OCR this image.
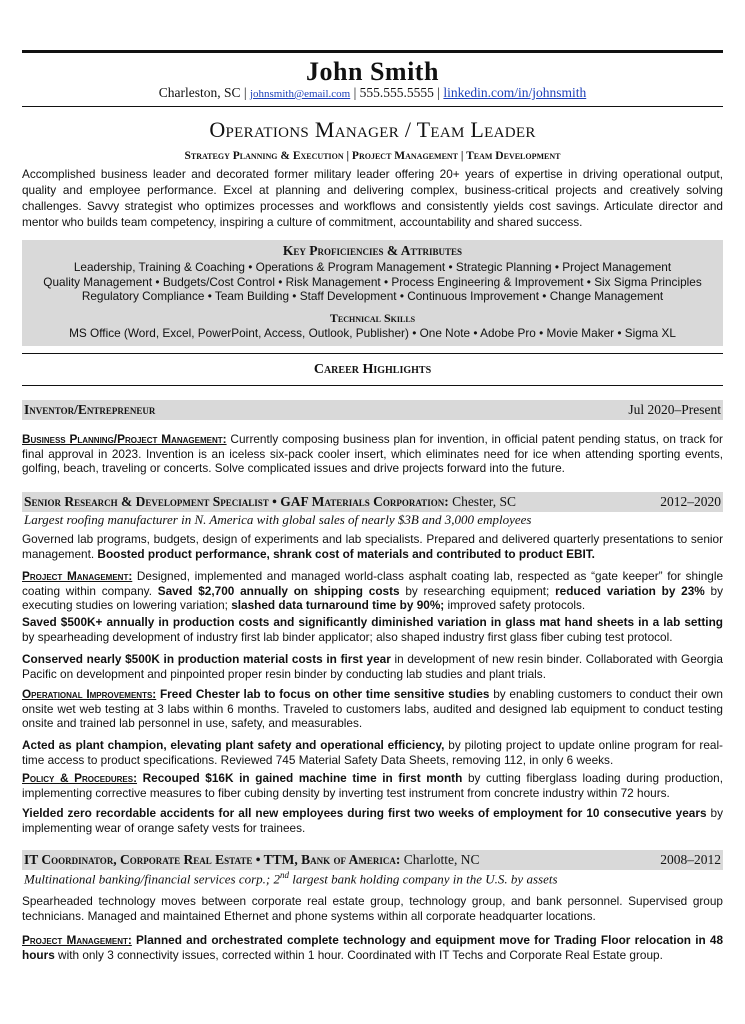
John Smith
Charleston, SC | johnsmith@email.com | 555.555.5555 | linkedin.com/in/johnsmith
Operations Manager / Team Leader
Strategy Planning & Execution | Project Management | Team Development
Accomplished business leader and decorated former military leader offering 20+ years of expertise in driving operational output, quality and employee performance. Excel at planning and delivering complex, business-critical projects and creatively solving challenges. Savvy strategist who optimizes processes and workflows and consistently yields cost savings. Articulate director and mentor who builds team competency, inspiring a culture of commitment, accountability and shared success.
Key Proficiencies & Attributes
Leadership, Training & Coaching • Operations & Program Management • Strategic Planning • Project Management
Quality Management • Budgets/Cost Control • Risk Management • Process Engineering & Improvement • Six Sigma Principles
Regulatory Compliance • Team Building • Staff Development • Continuous Improvement • Change Management
Technical Skills
MS Office (Word, Excel, PowerPoint, Access, Outlook, Publisher) • One Note • Adobe Pro • Movie Maker • Sigma XL
Career Highlights
Inventor/Entrepreneur	Jul 2020–Present
Business Planning/Project Management: Currently composing business plan for invention, in official patent pending status, on track for final approval in 2023. Invention is an iceless six-pack cooler insert, which eliminates need for ice when attending sporting events, golfing, beach, traveling or concerts. Solve complicated issues and drive projects forward into the future.
Senior Research & Development Specialist • GAF Materials Corporation: Chester, SC	2012–2020
Largest roofing manufacturer in N. America with global sales of nearly $3B and 3,000 employees
Governed lab programs, budgets, design of experiments and lab specialists. Prepared and delivered quarterly presentations to senior management. Boosted product performance, shrank cost of materials and contributed to product EBIT.
Project Management: Designed, implemented and managed world-class asphalt coating lab, respected as “gate keeper” for shingle coating within company. Saved $2,700 annually on shipping costs by researching equipment; reduced variation by 23% by executing studies on lowering variation; slashed data turnaround time by 90%; improved safety protocols.
Saved $500K+ annually in production costs and significantly diminished variation in glass mat hand sheets in a lab setting by spearheading development of industry first lab binder applicator; also shaped industry first glass fiber cubing test protocol.
Conserved nearly $500K in production material costs in first year in development of new resin binder. Collaborated with Georgia Pacific on development and pinpointed proper resin binder by conducting lab studies and plant trials.
Operational Improvements: Freed Chester lab to focus on other time sensitive studies by enabling customers to conduct their own onsite wet web testing at 3 labs within 6 months. Traveled to customers labs, audited and designed lab equipment to conduct testing onsite and trained lab personnel in use, safety, and measurables.
Acted as plant champion, elevating plant safety and operational efficiency, by piloting project to update online program for real-time access to product specifications. Reviewed 745 Material Safety Data Sheets, removing 112, in only 6 weeks.
Policy & Procedures: Recouped $16K in gained machine time in first month by cutting fiberglass loading during production, implementing corrective measures to fiber cubing density by inverting test instrument from concrete industry within 72 hours.
Yielded zero recordable accidents for all new employees during first two weeks of employment for 10 consecutive years by implementing wear of orange safety vests for trainees.
IT Coordinator, Corporate Real Estate • TTM, Bank of America: Charlotte, NC	2008–2012
Multinational banking/financial services corp.; 2nd largest bank holding company in the U.S. by assets
Spearheaded technology moves between corporate real estate group, technology group, and bank personnel. Supervised group technicians. Managed and maintained Ethernet and phone systems within all corporate headquarter locations.
Project Management: Planned and orchestrated complete technology and equipment move for Trading Floor relocation in 48 hours with only 3 connectivity issues, corrected within 1 hour. Coordinated with IT Techs and Corporate Real Estate group.
